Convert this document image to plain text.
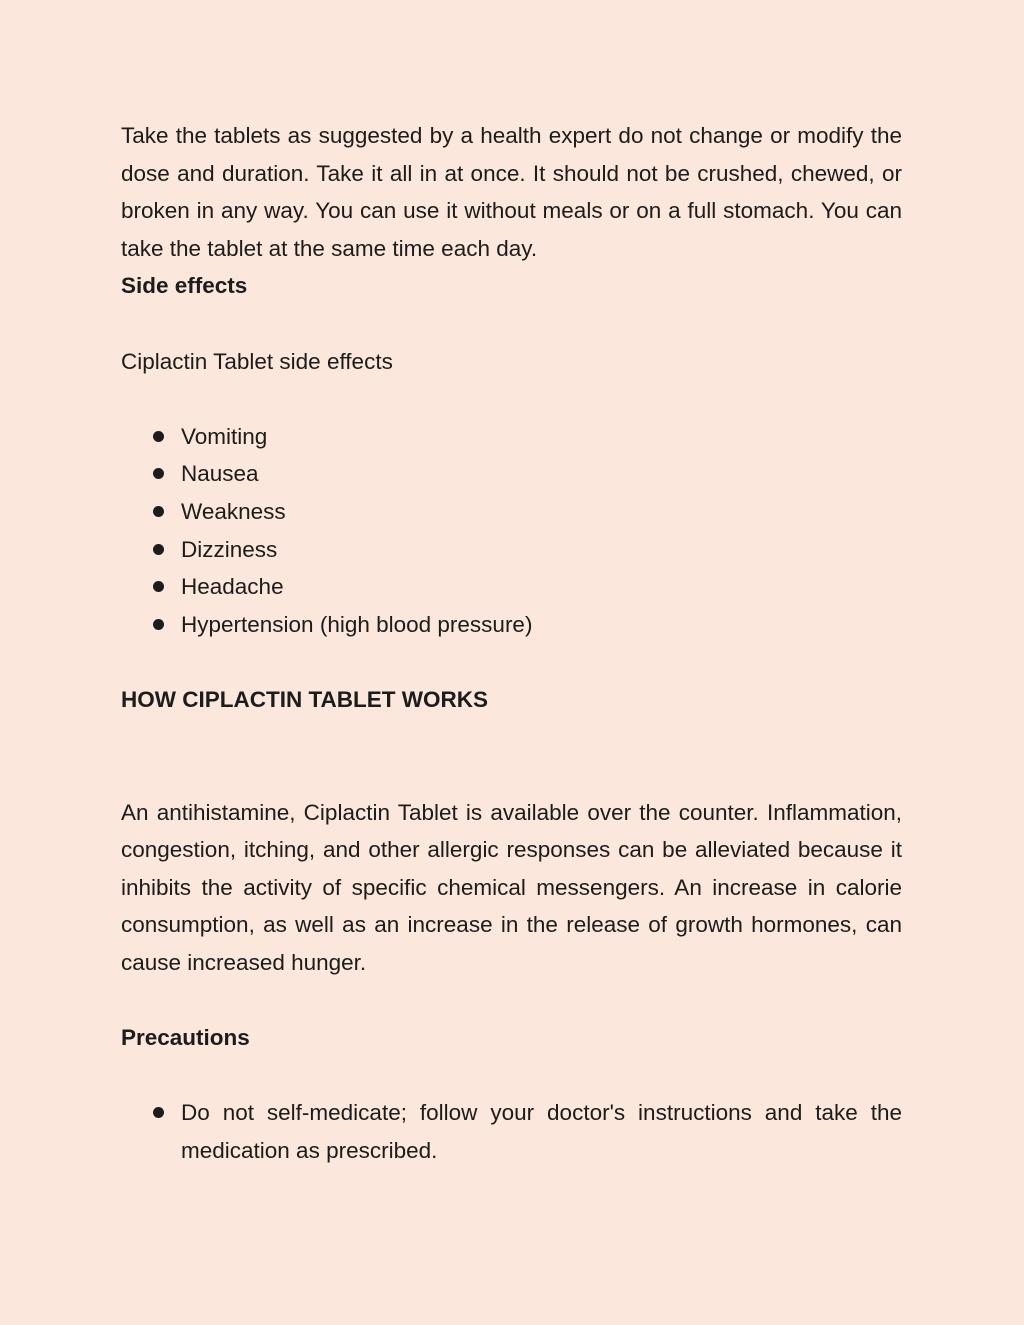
Take the tablets as suggested by a health expert do not change or modify the dose and duration. Take it all in at once. It should not be crushed, chewed, or broken in any way. You can use it without meals or on a full stomach. You can take the tablet at the same time each day.

Side effects

Ciplactin Tablet side effects

Vomiting
Nausea
Weakness
Dizziness
Headache
Hypertension (high blood pressure)

HOW CIPLACTIN TABLET WORKS

An antihistamine, Ciplactin Tablet is available over the counter. Inflammation, congestion, itching, and other allergic responses can be alleviated because it inhibits the activity of specific chemical messengers. An increase in calorie consumption, as well as an increase in the release of growth hormones, can cause increased hunger.

Precautions

Do not self-medicate; follow your doctor's instructions and take the medication as prescribed.
